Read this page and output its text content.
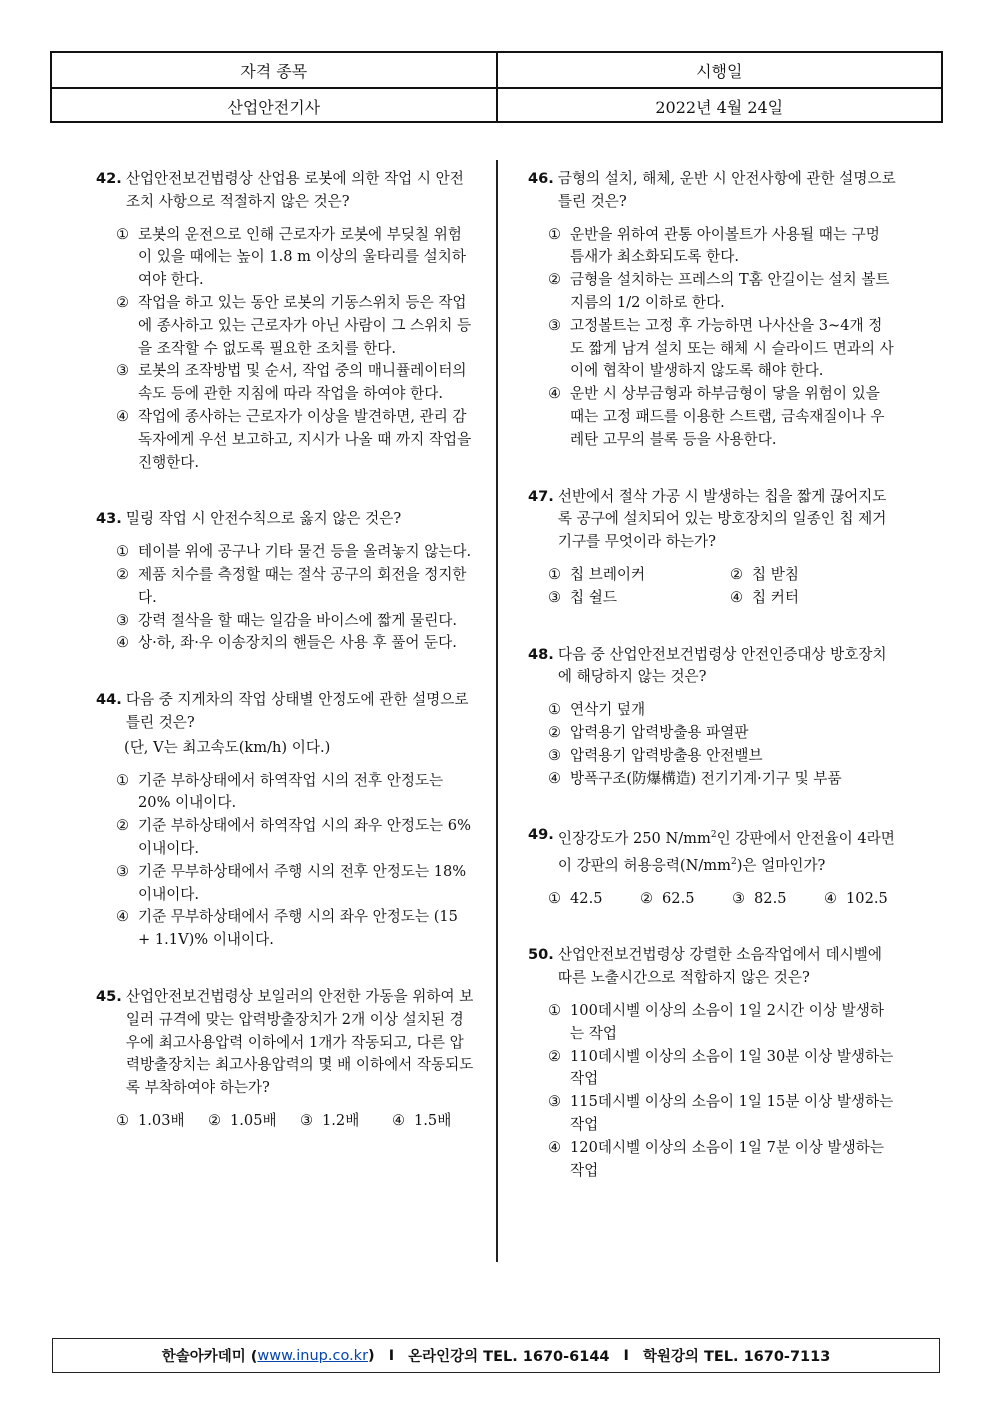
자격 종목	시행일
산업안전기사	2022년 4월 24일
42. 산업안전보건법령상 산업용 로봇에 의한 작업 시 안전조치 사항으로 적절하지 않은 것은?
① 로봇의 운전으로 인해 근로자가 로봇에 부딪칠 위험이 있을 때에는 높이 1.8 m 이상의 울타리를 설치하여야 한다.
② 작업을 하고 있는 동안 로봇의 기동스위치 등은 작업에 종사하고 있는 근로자가 아닌 사람이 그 스위치 등을 조작할 수 없도록 필요한 조치를 한다.
③ 로봇의 조작방법 및 순서, 작업 중의 매니퓰레이터의 속도 등에 관한 지침에 따라 작업을 하여야 한다.
④ 작업에 종사하는 근로자가 이상을 발견하면, 관리 감독자에게 우선 보고하고, 지시가 나올 때 까지 작업을 진행한다.
43. 밀링 작업 시 안전수칙으로 옳지 않은 것은?
① 테이블 위에 공구나 기타 물건 등을 올려놓지 않는다.
② 제품 치수를 측정할 때는 절삭 공구의 회전을 정지한다.
③ 강력 절삭을 할 때는 일감을 바이스에 짧게 물린다.
④ 상·하, 좌·우 이송장치의 핸들은 사용 후 풀어 둔다.
44. 다음 중 지게차의 작업 상태별 안정도에 관한 설명으로 틀린 것은?
(단, V는 최고속도(km/h) 이다.)
① 기준 부하상태에서 하역작업 시의 전후 안정도는 20% 이내이다.
② 기준 부하상태에서 하역작업 시의 좌우 안정도는 6% 이내이다.
③ 기준 무부하상태에서 주행 시의 전후 안정도는 18% 이내이다.
④ 기준 무부하상태에서 주행 시의 좌우 안정도는 (15 + 1.1V)% 이내이다.
45. 산업안전보건법령상 보일러의 안전한 가동을 위하여 보일러 규격에 맞는 압력방출장치가 2개 이상 설치된 경우에 최고사용압력 이하에서 1개가 작동되고, 다른 압력방출장치는 최고사용압력의 몇 배 이하에서 작동되도록 부착하여야 하는가?
① 1.03배	② 1.05배	③ 1.2배	④ 1.5배
46. 금형의 설치, 해체, 운반 시 안전사항에 관한 설명으로 틀린 것은?
① 운반을 위하여 관통 아이볼트가 사용될 때는 구멍 틈새가 최소화되도록 한다.
② 금형을 설치하는 프레스의 T홈 안길이는 설치 볼트 지름의 1/2 이하로 한다.
③ 고정볼트는 고정 후 가능하면 나사산을 3~4개 정도 짧게 남겨 설치 또는 해체 시 슬라이드 면과의 사이에 협착이 발생하지 않도록 해야 한다.
④ 운반 시 상부금형과 하부금형이 닿을 위험이 있을 때는 고정 패드를 이용한 스트랩, 금속재질이나 우레탄 고무의 블록 등을 사용한다.
47. 선반에서 절삭 가공 시 발생하는 칩을 짧게 끊어지도록 공구에 설치되어 있는 방호장치의 일종인 칩 제거 기구를 무엇이라 하는가?
① 칩 브레이커	② 칩 받침
③ 칩 쉴드	④ 칩 커터
48. 다음 중 산업안전보건법령상 안전인증대상 방호장치에 해당하지 않는 것은?
① 연삭기 덮개
② 압력용기 압력방출용 파열판
③ 압력용기 압력방출용 안전밸브
④ 방폭구조(防爆構造) 전기기계·기구 및 부품
49. 인장강도가 250 $N/mm^2$인 강판에서 안전율이 4라면 이 강판의 허용응력$(N/mm^2)$은 얼마인가?
① 42.5	② 62.5	③ 82.5	④ 102.5
50. 산업안전보건법령상 강렬한 소음작업에서 데시벨에 따른 노출시간으로 적합하지 않은 것은?
① 100데시벨 이상의 소음이 1일 2시간 이상 발생하는 작업
② 110데시벨 이상의 소음이 1일 30분 이상 발생하는 작업
③ 115데시벨 이상의 소음이 1일 15분 이상 발생하는 작업
④ 120데시벨 이상의 소음이 1일 7분 이상 발생하는 작업
한솔아카데미 ( www.inup.co.kr ) I 온라인강의 TEL. 1670-6144 I 학원강의 TEL. 1670-7113
